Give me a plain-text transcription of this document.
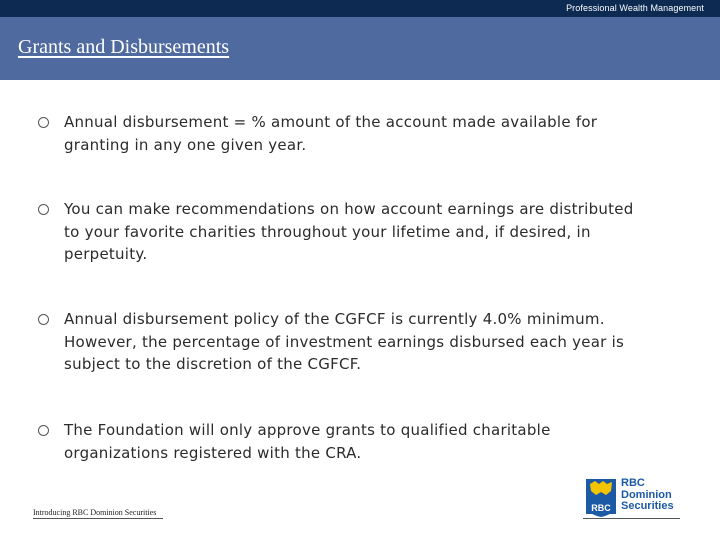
Professional Wealth Management
Grants and Disbursements
Annual disbursement = % amount of the account made available for granting in any one given year.
You can make recommendations on how account earnings are distributed to your favorite charities throughout your lifetime and, if desired, in perpetuity.
Annual disbursement policy of the CGFCF is currently 4.0% minimum. However, the percentage of investment earnings disbursed each year is subject to the discretion of the CGFCF.
The Foundation will only approve grants to qualified charitable organizations registered with the CRA.
Introducing RBC Dominion Securities	RBC
RBC
Dominion
Securities
